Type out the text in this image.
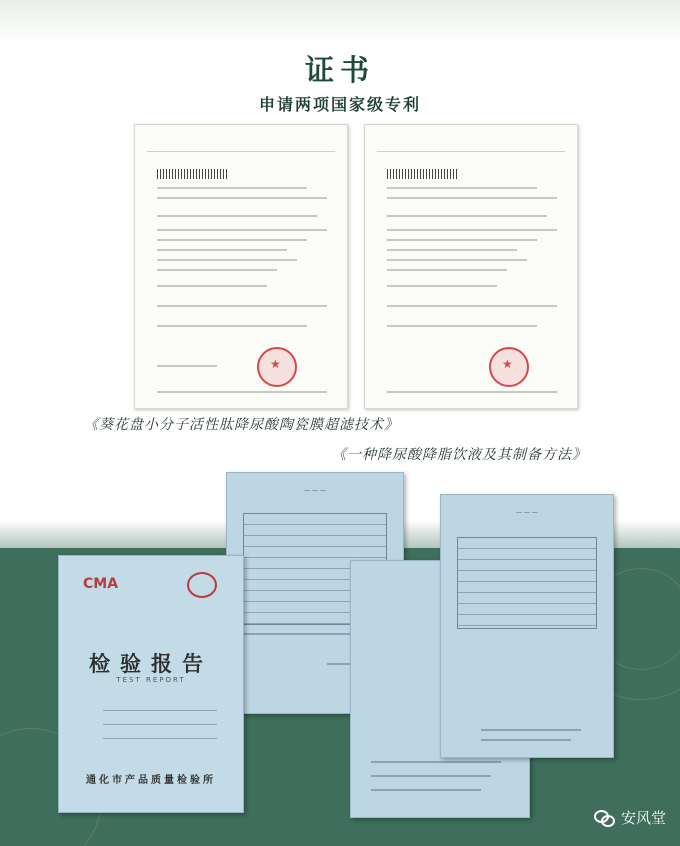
证书
申请两项国家级专利
★
★
《葵花盘小分子活性肽降尿酸陶瓷膜超滤技术》
《一种降尿酸降脂饮液及其制备方法》
— — —
— — —
CMA
检验报告
TEST REPORT
通化市产品质量检验所
安风堂
